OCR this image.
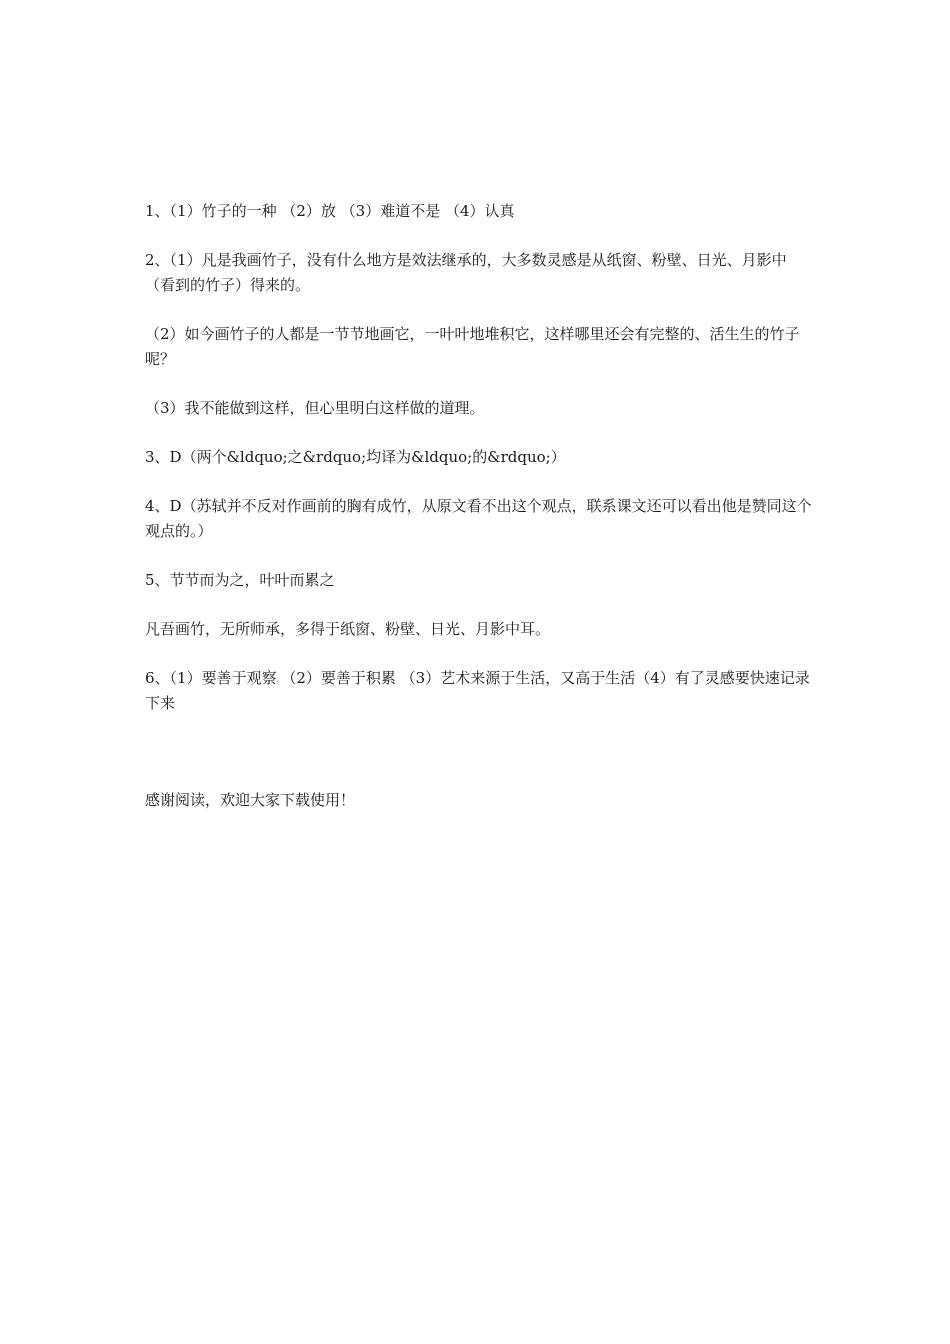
1、（1）竹子的一种 （2）放 （3）难道不是 （4）认真

2、（1）凡是我画竹子，没有什么地方是效法继承的，大多数灵感是从纸窗、粉壁、日光、月影中（看到的竹子）得来的。

（2）如今画竹子的人都是一节节地画它，一叶叶地堆积它，这样哪里还会有完整的、活生生的竹子呢？

（3）我不能做到这样，但心里明白这样做的道理。

3、D（两个&ldquo;之&rdquo;均译为&ldquo;的&rdquo;）

4、D（苏轼并不反对作画前的胸有成竹，从原文看不出这个观点，联系课文还可以看出他是赞同这个观点的。）

5、节节而为之，叶叶而累之

凡吾画竹，无所师承，多得于纸窗、粉壁、日光、月影中耳。

6、（1）要善于观察 （2）要善于积累 （3）艺术来源于生活，又高于生活（4）有了灵感要快速记录下来

感谢阅读，欢迎大家下载使用！
